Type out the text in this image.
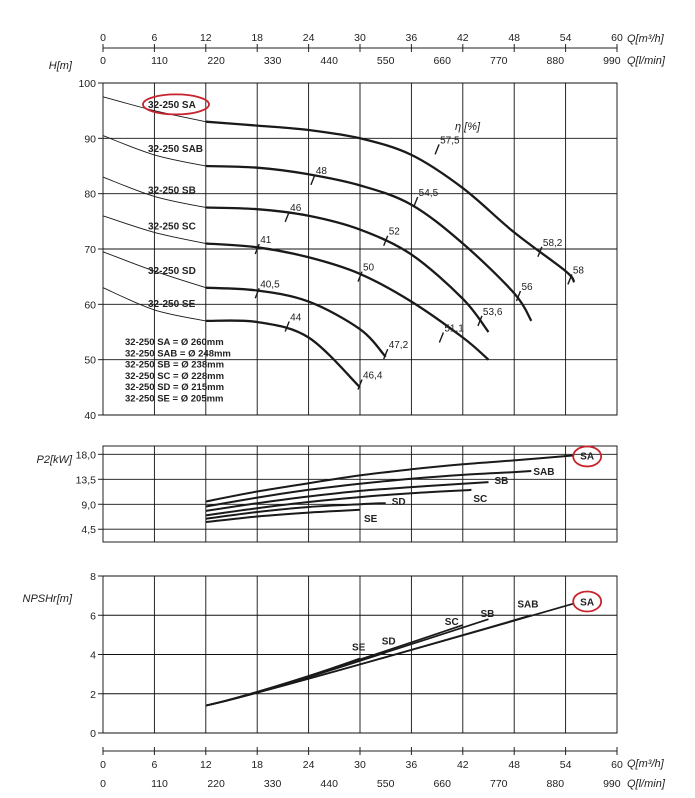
0	6	12	18	24	30	36	42	48	54	60
0	110	220	330	440	550	660	770	880	990
Q[m³/h]
Q[l/min]
0	6	12	18	24	30	36	42	48	54	60
0	110	220	330	440	550	660	770	880	990
Q[m³/h]
Q[l/min]
40
50
60
70
80
90
100
H[m]
32-250 SA
32-250 SAB
32-250 SB
32-250 SC
32-250 SD
32-250 SE
57,5
58,2
58
48
54,5
56
46
52
53,6
41
50
51,1
40,5
47,2
44
46,4
η [%]
32-250 SA = Ø 260mm
32-250 SAB = Ø 248mm
32-250 SB = Ø 238mm
32-250 SC = Ø 228mm
32-250 SD = Ø 215mm
32-250 SE = Ø 205mm
4,5
9,0
13,5
18,0
P2[kW]	SA
SAB
SB
SC
SD
SE
0
2
4
6
8
NPSHr[m]	SA
SAB
SB
SC
SD
SE
